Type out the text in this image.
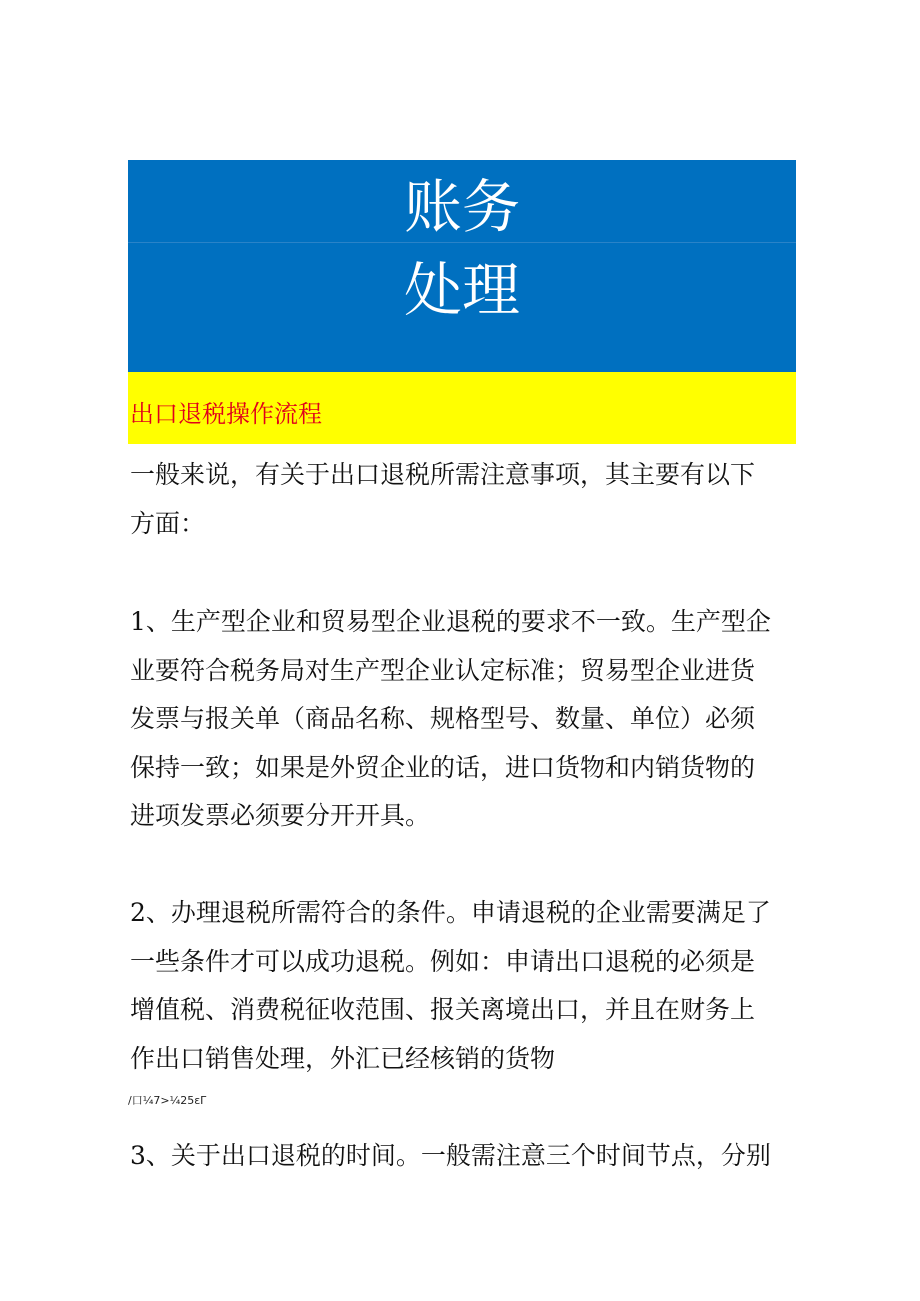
账务
处理
出口退税操作流程
一般来说，有关于出口退税所需注意事项，其主要有以下
方面：
1、生产型企业和贸易型企业退税的要求不一致。生产型企
业要符合税务局对生产型企业认定标准；贸易型企业进货
发票与报关单（商品名称、规格型号、数量、单位）必须
保持一致；如果是外贸企业的话，进口货物和内销货物的
进项发票必须要分开开具。
2、办理退税所需符合的条件。申请退税的企业需要满足了
一些条件才可以成功退税。例如：申请出口退税的必须是
增值税、消费税征收范围、报关离境出口，并且在财务上
作出口销售处理，外汇已经核销的货物
/口¼7>¼25εΓ
3、关于出口退税的时间。一般需注意三个时间节点，分别
